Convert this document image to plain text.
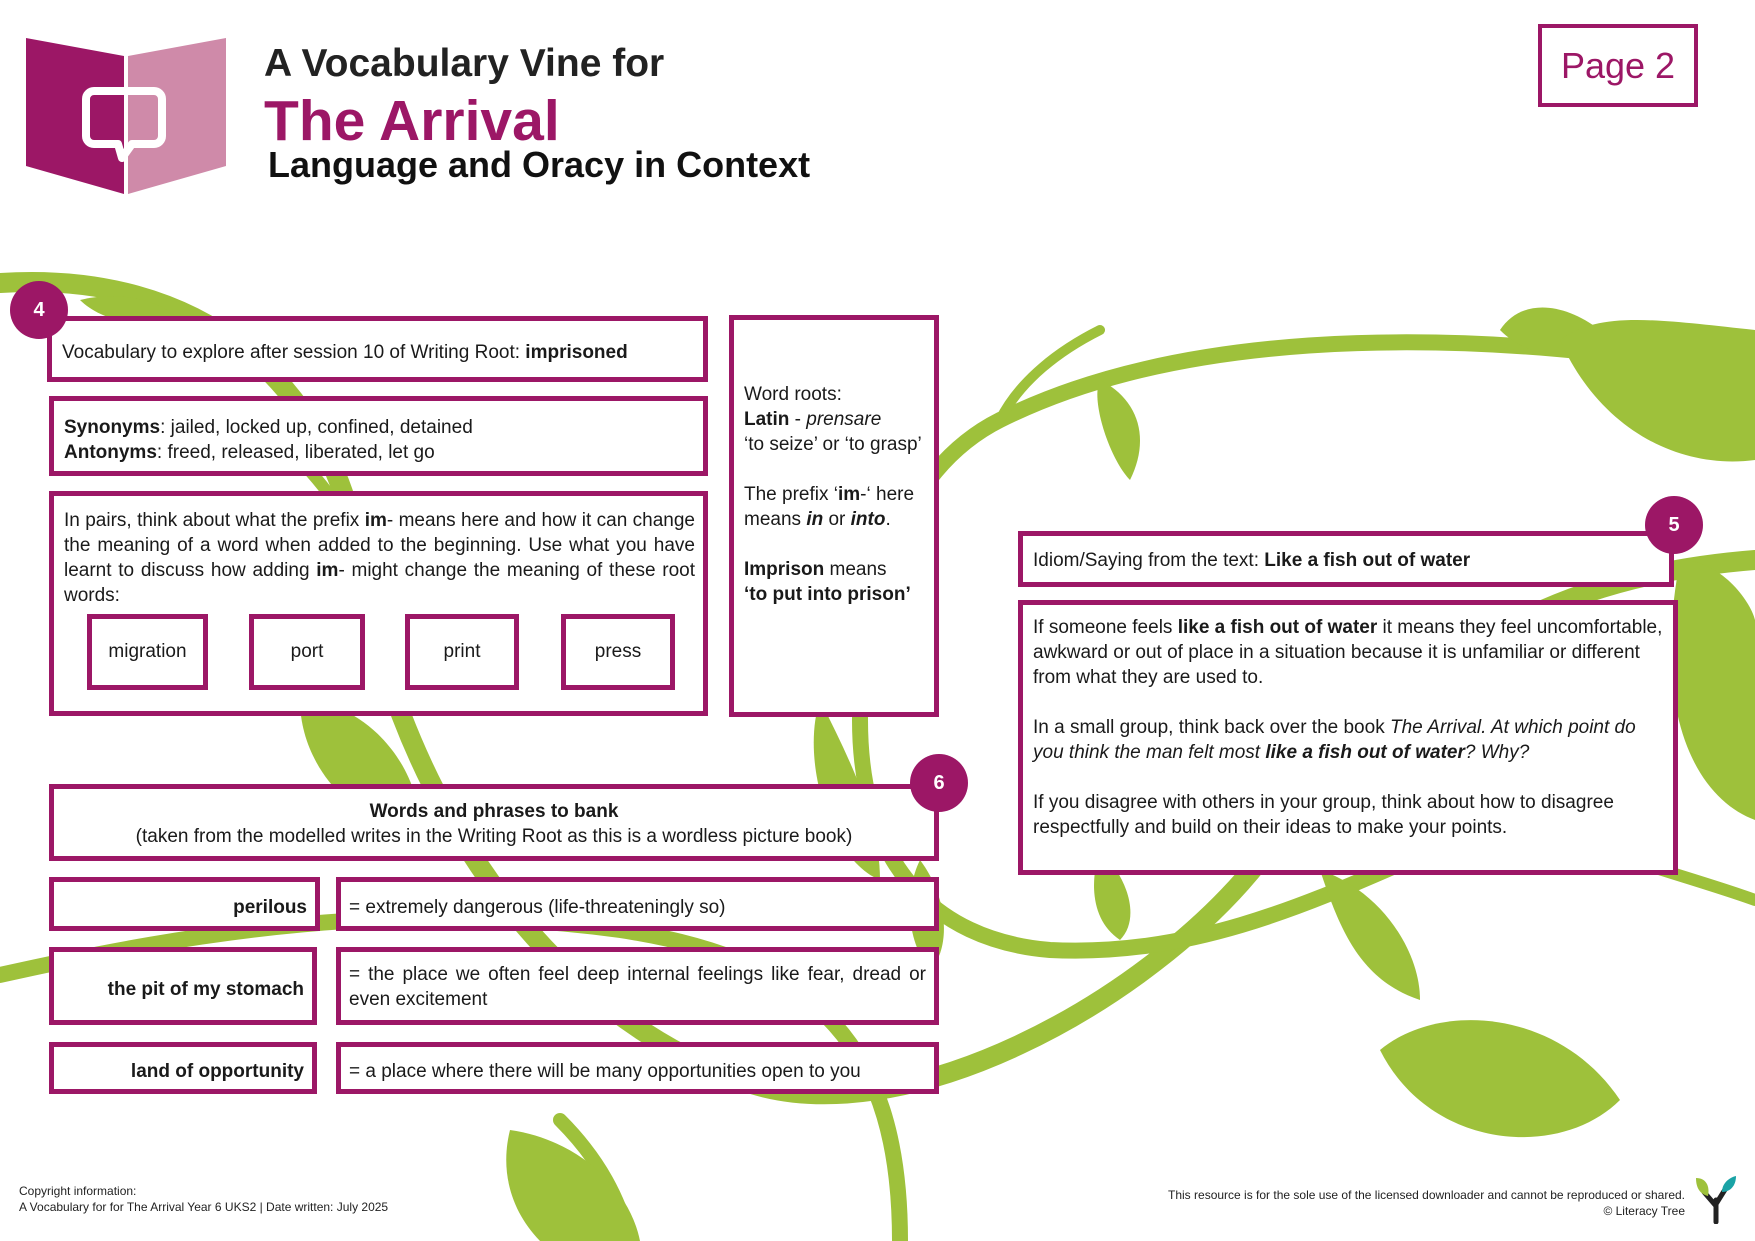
A Vocabulary Vine for
The Arrival
Language and Oracy in Context
Page 2
4
Vocabulary to explore after session 10 of Writing Root: imprisoned
Synonyms: jailed, locked up, confined, detained
Antonyms: freed, released, liberated, let go
In pairs, think about what the prefix im- means here and how it can change the meaning of a word when added to the beginning. Use what you have learnt to discuss how adding im- might change the meaning of these root words:
migration	port	print	press
Word roots:
Latin - prensare
‘to seize’ or ‘to grasp’
The prefix ‘im-‘ here means in or into.
Imprison means
‘to put into prison’
5
Idiom/Saying from the text: Like a fish out of water
If someone feels like a fish out of water it means they feel uncomfortable, awkward or out of place in a situation because it is unfamiliar or different from what they are used to.
In a small group, think back over the book The Arrival. At which point do you think the man felt most like a fish out of water? Why?
If you disagree with others in your group, think about how to disagree respectfully and build on their ideas to make your points.
6
Words and phrases to bank
(taken from the modelled writes in the Writing Root as this is a wordless picture book)
perilous	= extremely dangerous (life-threateningly so)
the pit of my stomach
= the place we often feel deep internal feelings like fear, dread or even excitement
land of opportunity	= a place where there will be many opportunities open to you
Copyright information:
A Vocabulary for for The Arrival Year 6 UKS2 | Date written: July 2025
This resource is for the sole use of the licensed downloader and cannot be reproduced or shared.
© Literacy Tree
